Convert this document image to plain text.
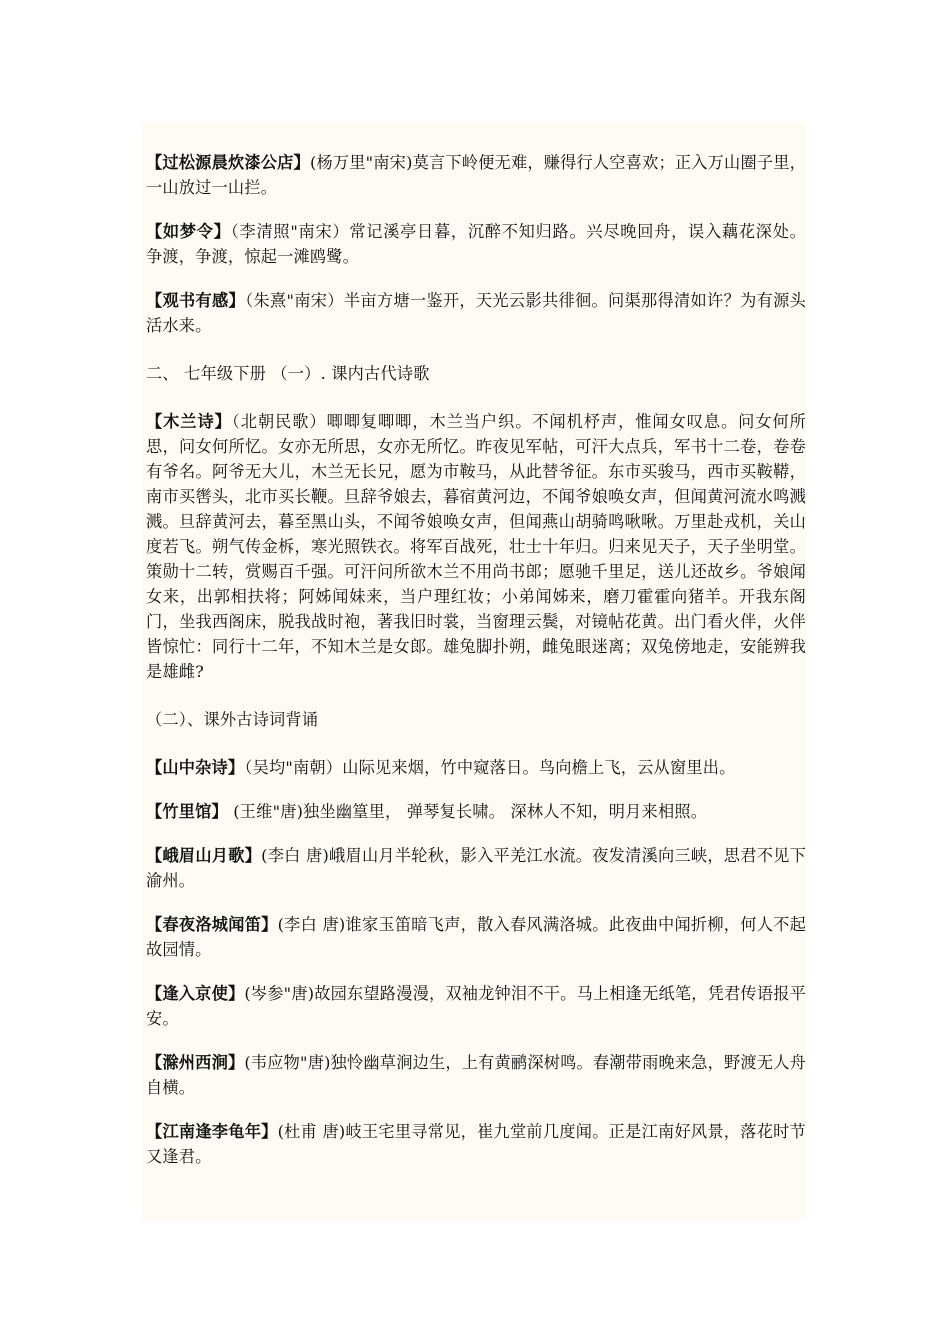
【过松源晨炊漆公店】(杨万里"南宋)莫言下岭便无难，赚得行人空喜欢；正入万山圈子里，一山放过一山拦。

【如梦令】（李清照"南宋）常记溪亭日暮，沉醉不知归路。兴尽晚回舟，误入藕花深处。 争渡，争渡，惊起一滩鸥鹭。

【观书有感】（朱熹"南宋）半亩方塘一鉴开，天光云影共徘徊。问渠那得清如许？为有源头活水来。

二、 七年级下册 （一）. 课内古代诗歌

【木兰诗】（北朝民歌）唧唧复唧唧，木兰当户织。不闻机杼声，惟闻女叹息。问女何所思，问女何所忆。女亦无所思，女亦无所忆。昨夜见军帖，可汗大点兵，军书十二卷，卷卷有爷名。阿爷无大儿，木兰无长兄，愿为市鞍马，从此替爷征。东市买骏马，西市买鞍鞯，南市买辔头，北市买长鞭。旦辞爷娘去，暮宿黄河边，不闻爷娘唤女声，但闻黄河流水鸣溅溅。旦辞黄河去，暮至黑山头，不闻爷娘唤女声，但闻燕山胡骑鸣啾啾。万里赴戎机，关山度若飞。朔气传金柝，寒光照铁衣。将军百战死，壮士十年归。归来见天子，天子坐明堂。策勋十二转，赏赐百千强。可汗问所欲木兰不用尚书郎；愿驰千里足，送儿还故乡。爷娘闻女来，出郭相扶将；阿姊闻妹来，当户理红妆；小弟闻姊来，磨刀霍霍向猪羊。开我东阁门，坐我西阁床，脱我战时袍，著我旧时裳，当窗理云鬓，对镜帖花黄。出门看火伴，火伴皆惊忙：同行十二年，不知木兰是女郎。雄兔脚扑朔，雌兔眼迷离；双兔傍地走，安能辨我是雄雌?

（二）、课外古诗词背诵

【山中杂诗】（吴均"南朝）山际见来烟，竹中窥落日。鸟向檐上飞，云从窗里出。

【竹里馆】 (王维"唐)独坐幽篁里， 弹琴复长啸。 深林人不知，明月来相照。

【峨眉山月歌】(李白 唐)峨眉山月半轮秋，影入平羌江水流。夜发清溪向三峡，思君不见下渝州。

【春夜洛城闻笛】(李白 唐)谁家玉笛暗飞声，散入春风满洛城。此夜曲中闻折柳，何人不起故园情。

【逢入京使】(岑参"唐)故园东望路漫漫，双袖龙钟泪不干。马上相逢无纸笔，凭君传语报平安。

【滁州西涧】(韦应物"唐)独怜幽草涧边生，上有黄鹂深树鸣。春潮带雨晚来急，野渡无人舟自横。

【江南逢李龟年】(杜甫 唐)岐王宅里寻常见，崔九堂前几度闻。正是江南好风景，落花时节又逢君。
